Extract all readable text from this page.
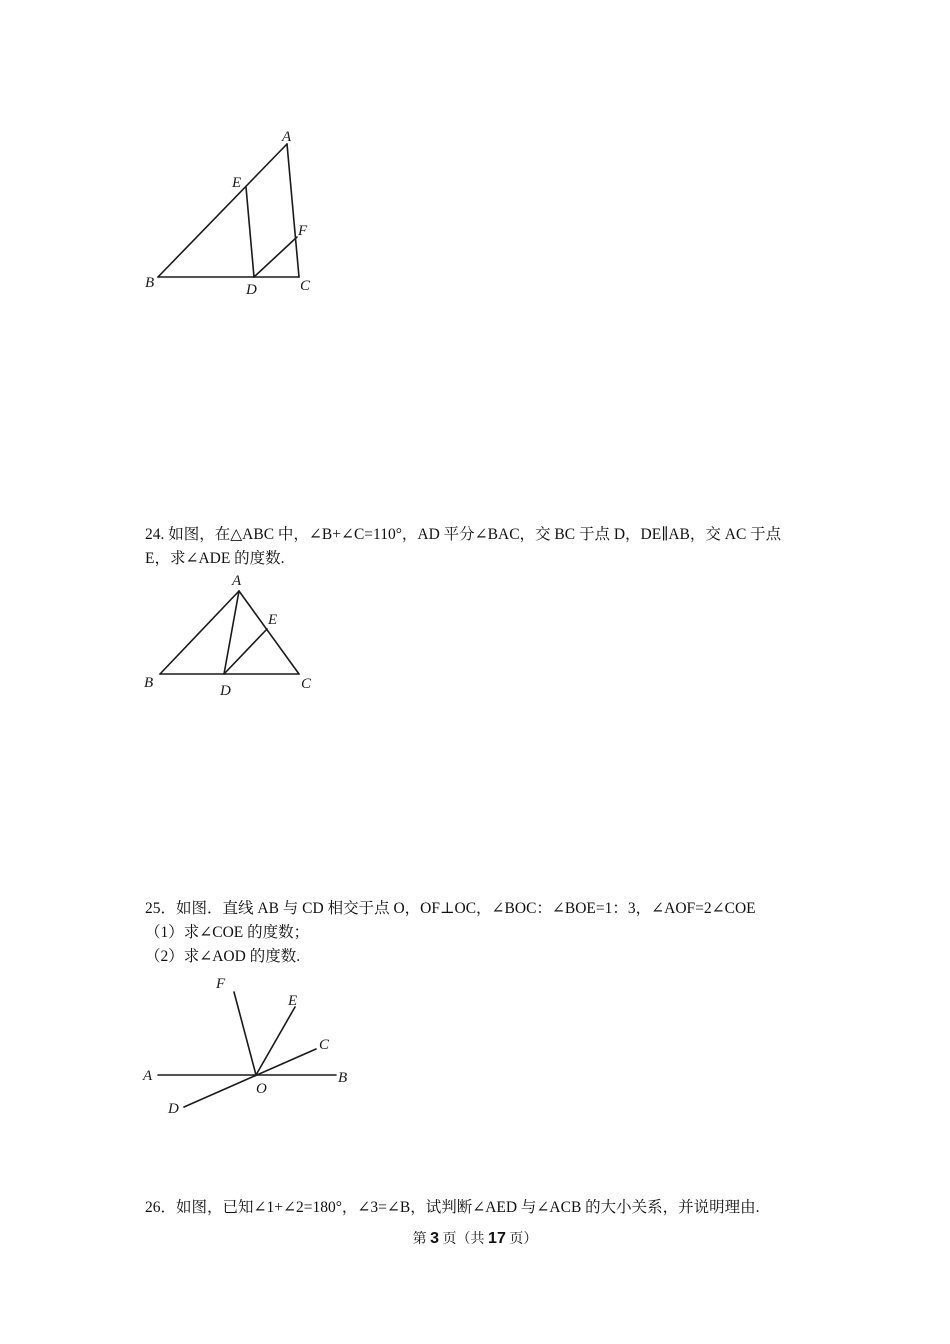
A
E
F
B	D	C

24. 如图，在△ABC 中，∠B+∠C=110°，AD 平分∠BAC，交 BC 于点 D，DE∥AB，交 AC 于点
E，求∠ADE 的度数.

A
E
B	D	C

25．如图．直线 AB 与 CD 相交于点 O，OF⊥OC，∠BOC：∠BOE=1：3，∠AOF=2∠COE
（1）求∠COE 的度数；
（2）求∠AOD 的度数.

F
E
C
A
O
B
D

26．如图，已知∠1+∠2=180°，∠3=∠B，试判断∠AED 与∠ACB 的大小关系，并说明理由.

第 3 页（共 17 页）
